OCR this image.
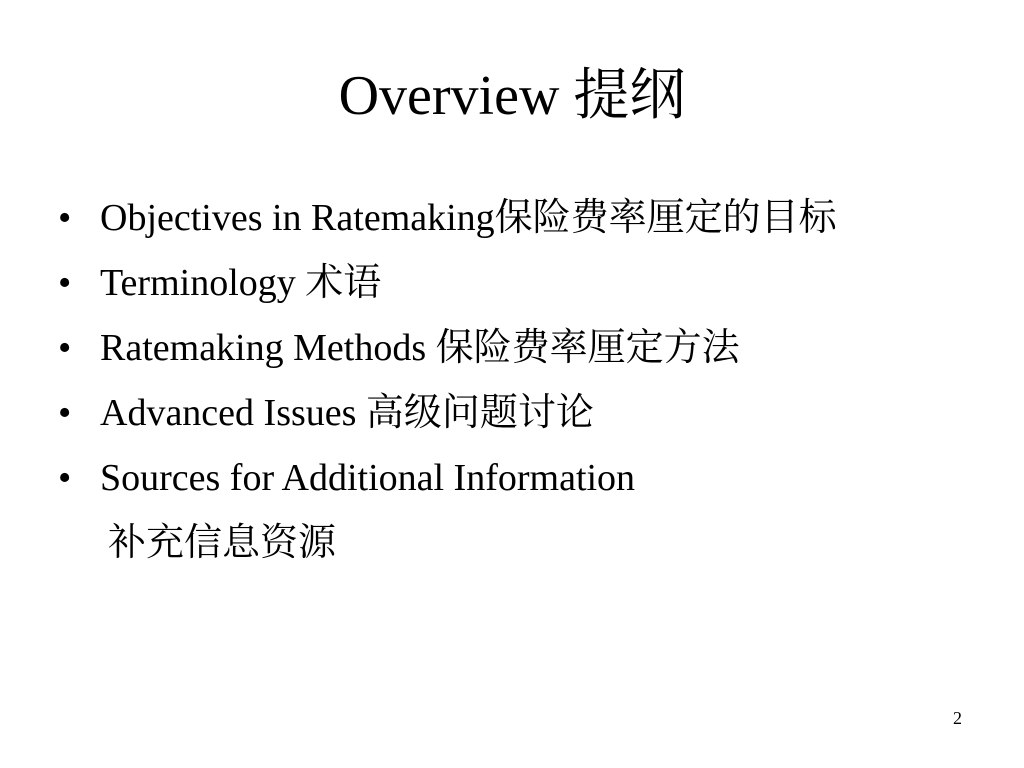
Overview 提纲
• Objectives in Ratemaking保险费率厘定的目标
• Terminology 术语
• Ratemaking Methods 保险费率厘定方法
• Advanced Issues 高级问题讨论
• Sources for Additional Information
补充信息资源
2
